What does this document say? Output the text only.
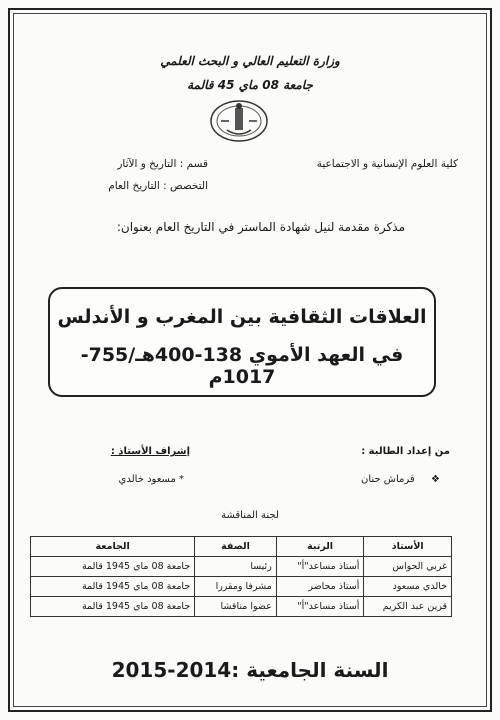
وزارة التعليم العالي و البحث العلمي
جامعة 08 ماي 45 قالمة
كلية العلوم الإنسانية و الاجتماعية
قسم : التاريخ و الآثار
التخصص : التاريخ العام
مذكرة مقدمة لنيل شهادة الماستر في التاريخ العام بعنوان:
العلاقات الثقافية بين المغرب و الأندلس
في العهد الأموي 138-400هـ/755-1017م
من إعداد الطالبة :
إشراف الأستاذ :
❖  قرماش حنان
* مسعود خالدي
لجنة المناقشة
الأستاذ	الرتبة	الصفة	الجامعة
غربي الحواس	أستاذ مساعد"أ"	رئيسا	جامعة 08 ماي 1945 قالمة
خالدي مسعود	أستاذ محاضر	مشرفا ومقررا	جامعة 08 ماي 1945 قالمة
قرين عبد الكريم	أستاذ مساعد"أ"	عضوا مناقشا	جامعة 08 ماي 1945 قالمة
السنة الجامعية :2014-2015
